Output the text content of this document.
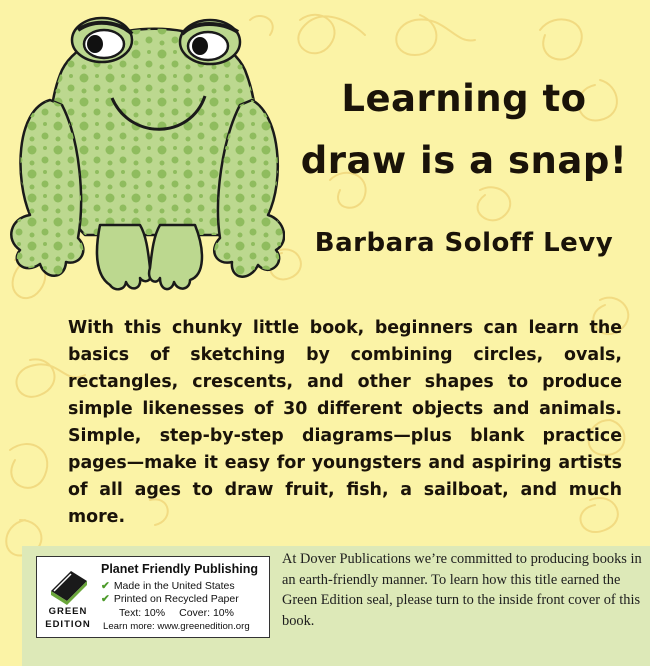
Learning to
draw is a snap!

Barbara Soloff Levy

With this chunky little book, beginners can learn the basics of sketching by combining circles, ovals, rectangles, crescents, and other shapes to produce simple likenesses of 30 different objects and animals. Simple, step-by-step diagrams—plus blank practice pages—make it easy for youngsters and aspiring artists of all ages to draw fruit, fish, a sailboat, and much more.

GREEN
EDITION
Planet Friendly Publishing
✔ Made in the United States
✔ Printed on Recycled Paper
Text: 10% Cover: 10%
Learn more: www.greenedition.org

At Dover Publications we’re committed to producing books in an earth-friendly manner. To learn how this title earned the Green Edition seal, please turn to the inside front cover of this book.
